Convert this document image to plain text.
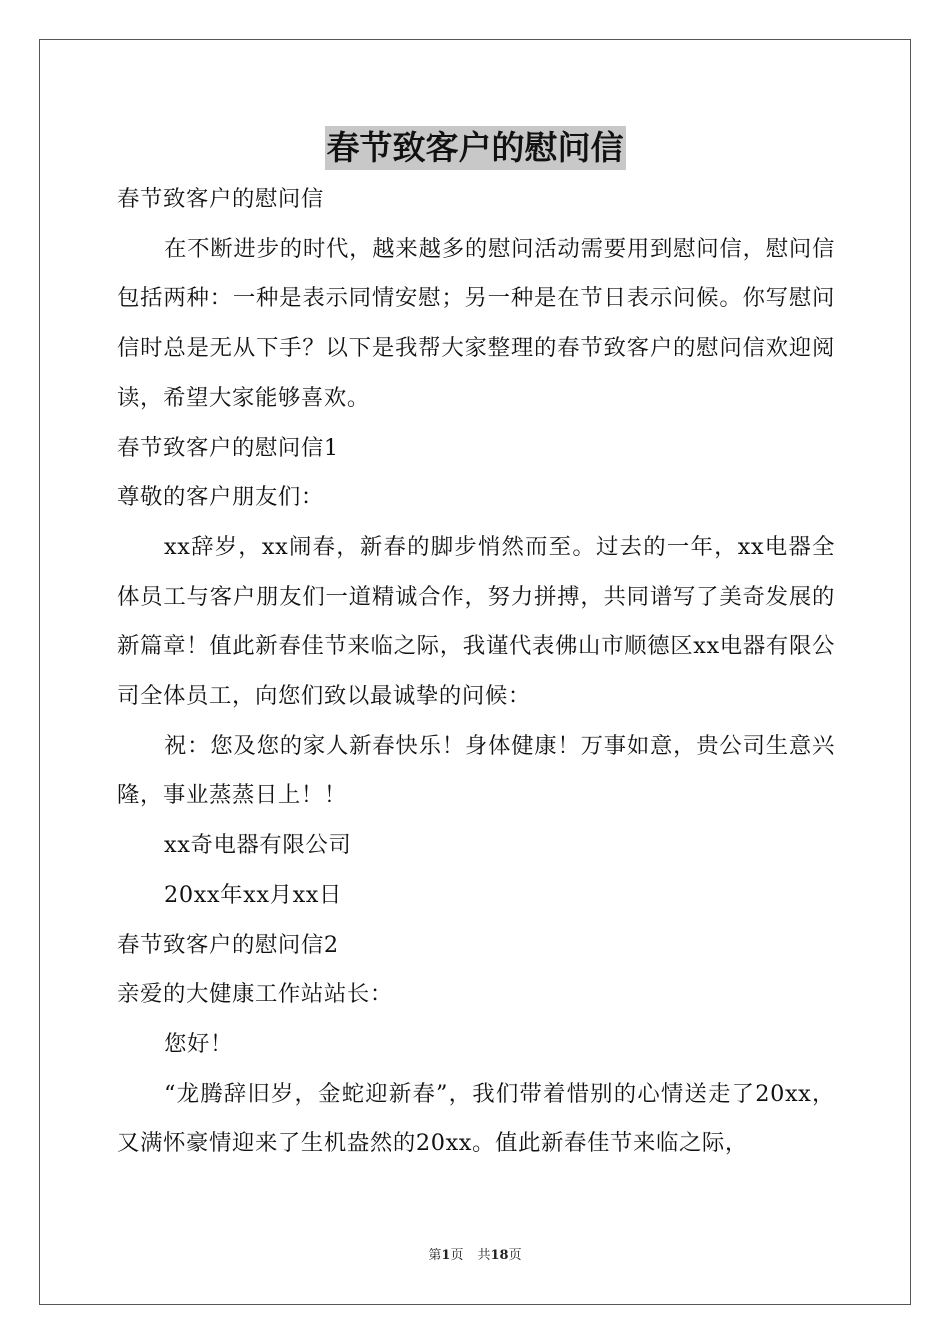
春节致客户的慰问信

春节致客户的慰问信

在不断进步的时代，越来越多的慰问活动需要用到慰问信，慰问信包括两种：一种是表示同情安慰；另一种是在节日表示问候。你写慰问信时总是无从下手？以下是我帮大家整理的春节致客户的慰问信欢迎阅读，希望大家能够喜欢。

春节致客户的慰问信1

尊敬的客户朋友们：

xx辞岁，xx闹春，新春的脚步悄然而至。过去的一年，xx电器全体员工与客户朋友们一道精诚合作，努力拼搏，共同谱写了美奇发展的新篇章！值此新春佳节来临之际，我谨代表佛山市顺德区xx电器有限公司全体员工，向您们致以最诚挚的问候：

祝：您及您的家人新春快乐！身体健康！万事如意，贵公司生意兴隆，事业蒸蒸日上！！

xx奇电器有限公司

20xx年xx月xx日

春节致客户的慰问信2

亲爱的大健康工作站站长：

您好！

“龙腾辞旧岁，金蛇迎新春”，我们带着惜别的心情送走了20xx，又满怀豪情迎来了生机盎然的20xx。值此新春佳节来临之际，

第1页 共18页
